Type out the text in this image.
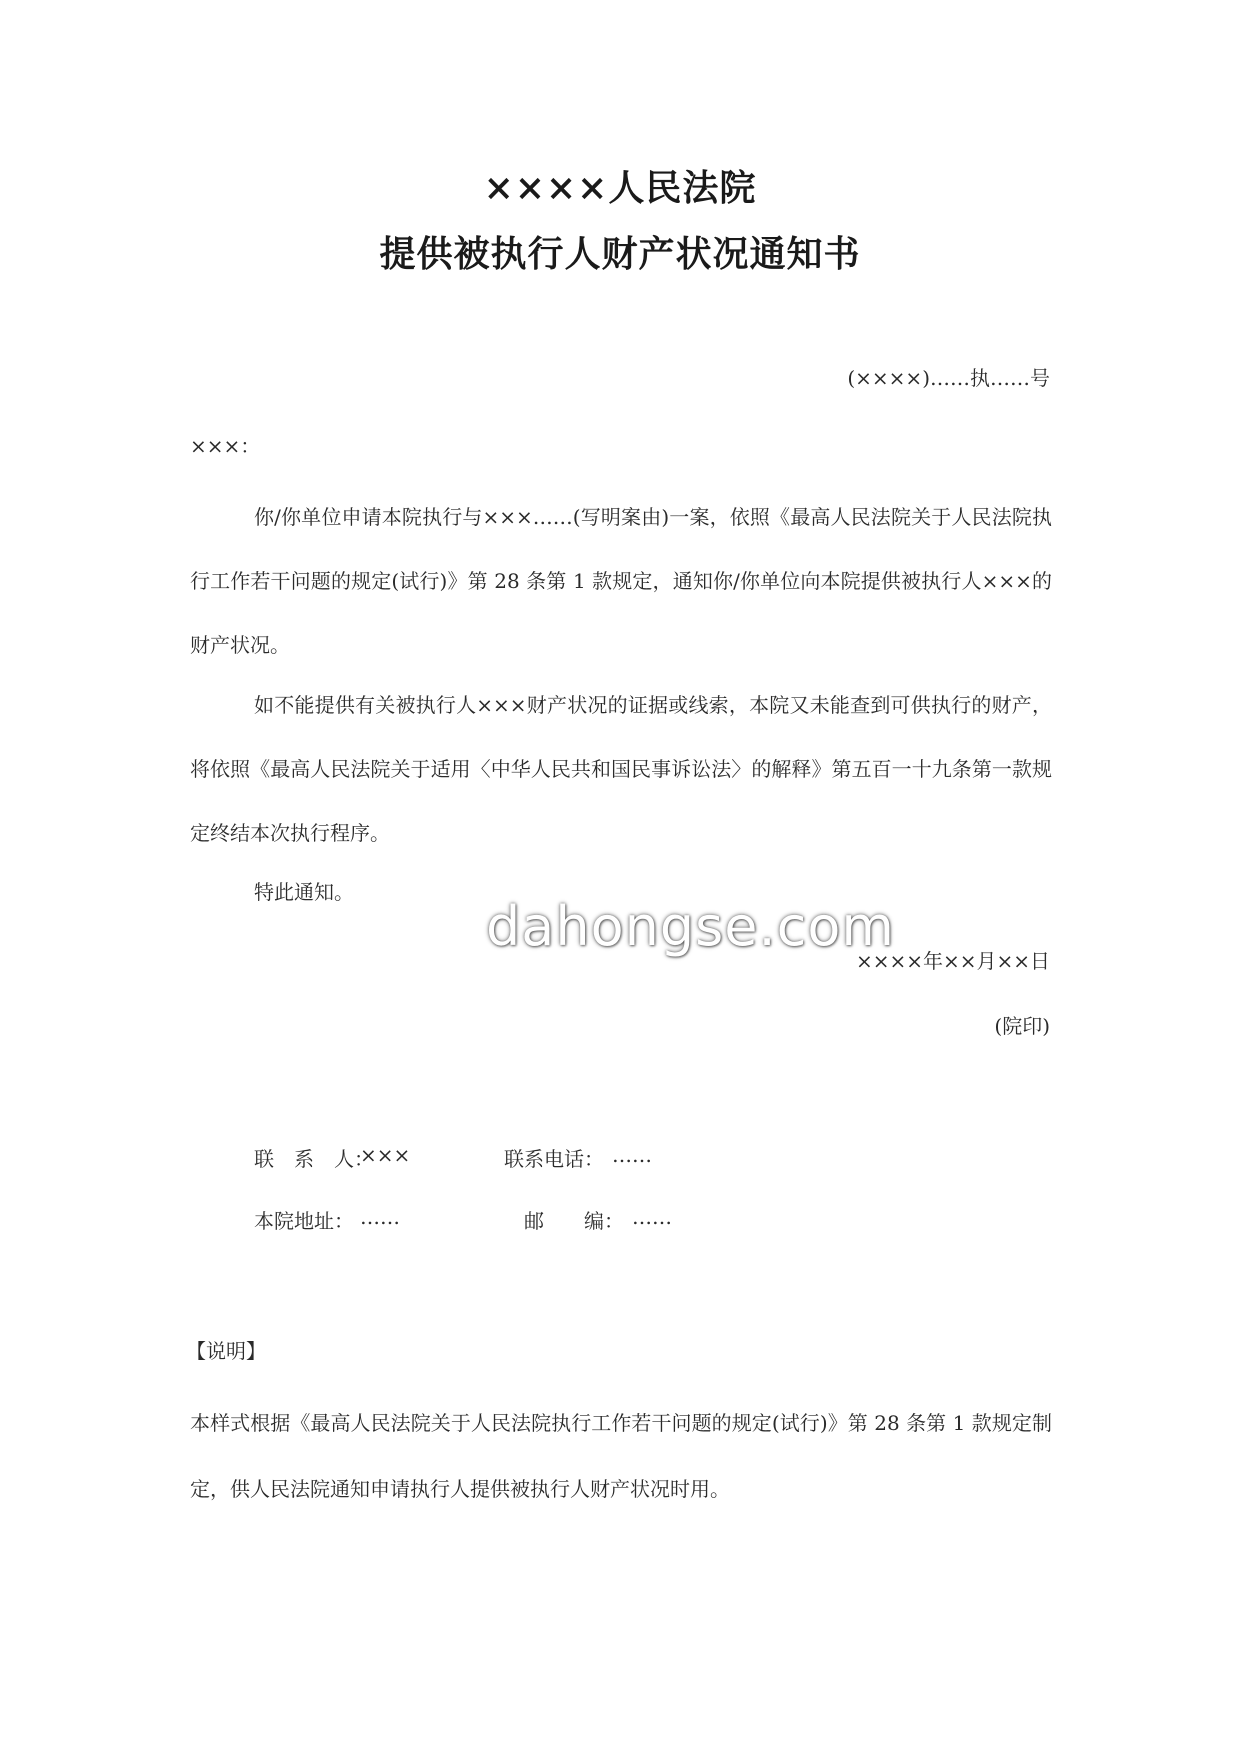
××××人民法院
提供被执行人财产状况通知书
(××××)……执……号
×××：

你/你单位申请本院执行与×××……(写明案由)一案，依照《最高人民法院关于人民法院执行工作若干问题的规定(试行)》第 28 条第 1 款规定，通知你/你单位向本院提供被执行人×××的财产状况。

如不能提供有关被执行人×××财产状况的证据或线索，本院又未能查到可供执行的财产，将依照《最高人民法院关于适用〈中华人民共和国民事诉讼法〉的解释》第五百一十九条第一款规定终结本次执行程序。

特此通知。

××××年××月××日
(院印)
联　系　人：
×××	联系电话： ……
本院地址： ……	邮　　编： ……
【说明】

本样式根据《最高人民法院关于人民法院执行工作若干问题的规定(试行)》第 28 条第 1 款规定制定，供人民法院通知申请执行人提供被执行人财产状况时用。

dahongse.com
